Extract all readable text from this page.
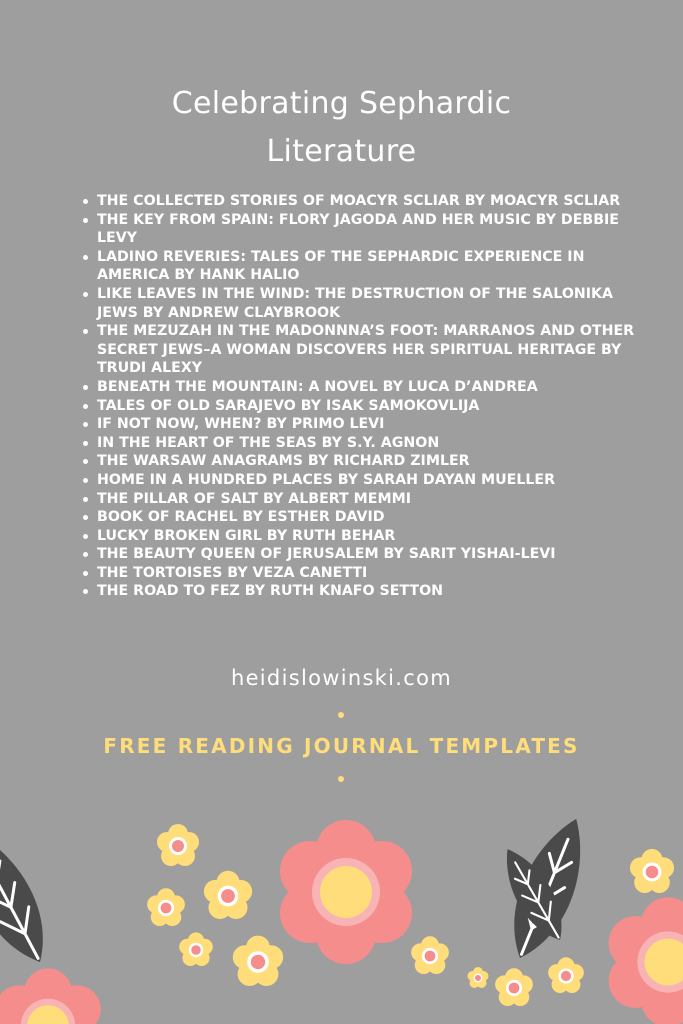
Celebrating Sephardic
Literature
THE COLLECTED STORIES OF MOACYR SCLIAR BY MOACYR SCLIAR
THE KEY FROM SPAIN: FLORY JAGODA AND HER MUSIC BY DEBBIE LEVY
LADINO REVERIES: TALES OF THE SEPHARDIC EXPERIENCE IN AMERICA BY HANK HALIO
LIKE LEAVES IN THE WIND: THE DESTRUCTION OF THE SALONIKA JEWS BY ANDREW CLAYBROOK
THE MEZUZAH IN THE MADONNNA’S FOOT: MARRANOS AND OTHER SECRET JEWS–A WOMAN DISCOVERS HER SPIRITUAL HERITAGE BY TRUDI ALEXY
BENEATH THE MOUNTAIN: A NOVEL BY LUCA D’ANDREA
TALES OF OLD SARAJEVO BY ISAK SAMOKOVLIJA
IF NOT NOW, WHEN? BY PRIMO LEVI
IN THE HEART OF THE SEAS BY S.Y. AGNON
THE WARSAW ANAGRAMS BY RICHARD ZIMLER
HOME IN A HUNDRED PLACES BY SARAH DAYAN MUELLER
THE PILLAR OF SALT BY ALBERT MEMMI
BOOK OF RACHEL BY ESTHER DAVID
LUCKY BROKEN GIRL BY RUTH BEHAR
THE BEAUTY QUEEN OF JERUSALEM BY SARIT YISHAI-LEVI
THE TORTOISES BY VEZA CANETTI
THE ROAD TO FEZ BY RUTH KNAFO SETTON
heidislowinski.com
FREE READING JOURNAL TEMPLATES
